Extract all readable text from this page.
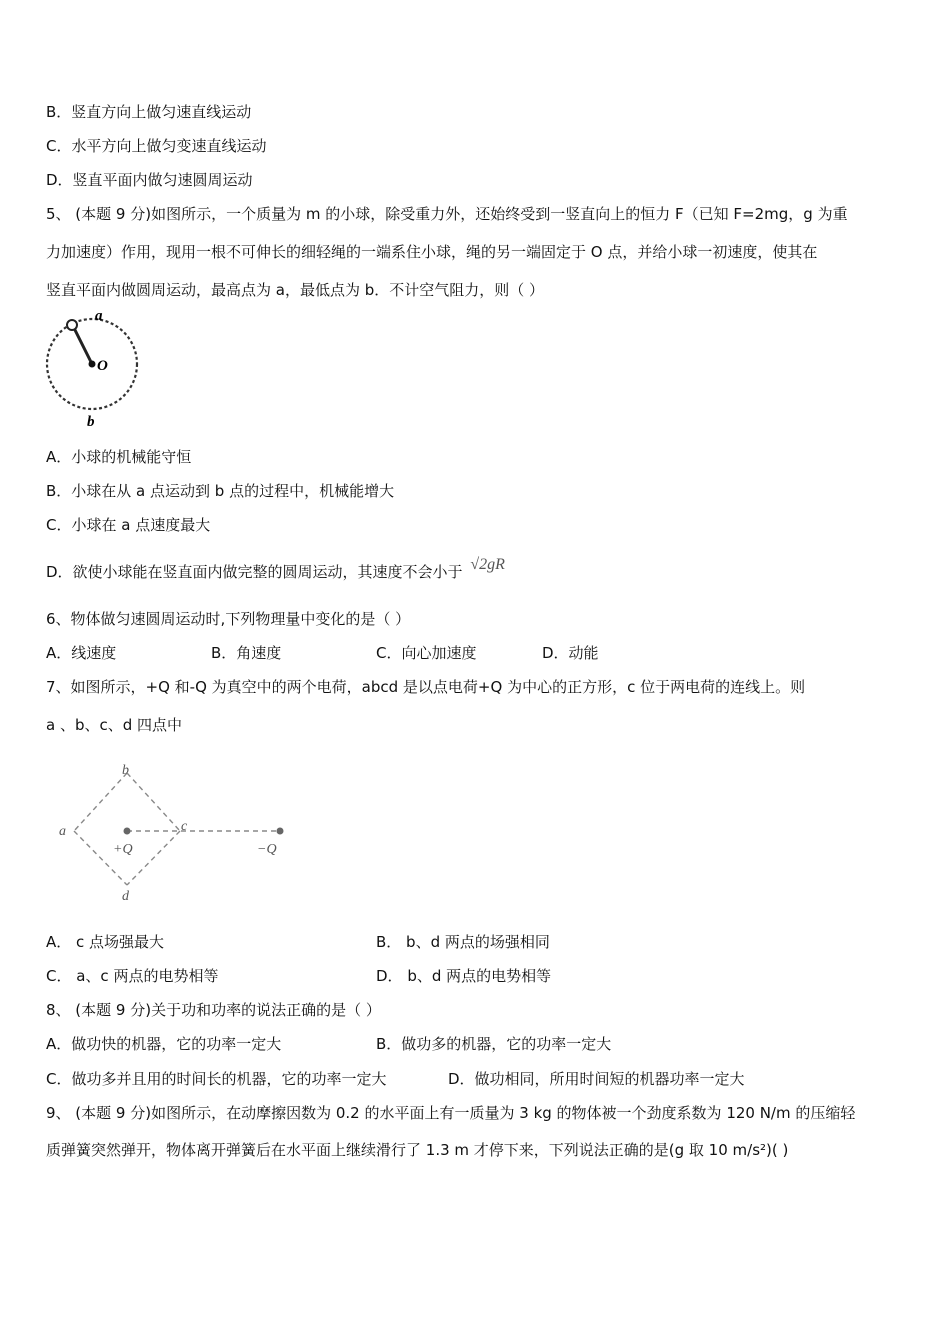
B．竖直方向上做匀速直线运动
C．水平方向上做匀变速直线运动
D．竖直平面内做匀速圆周运动
5、 (本题 9 分)如图所示，一个质量为 m 的小球，除受重力外，还始终受到一竖直向上的恒力 F（已知 F=2mg，g 为重
力加速度）作用，现用一根不可伸长的细轻绳的一端系住小球，绳的另一端固定于 O 点，并给小球一初速度，使其在
竖直平面内做圆周运动，最高点为 a，最低点为 b．不计空气阻力，则（ ）
a
O
b
A．小球的机械能守恒
B．小球在从 a 点运动到 b 点的过程中，机械能增大
C．小球在 a 点速度最大
D．欲使小球能在竖直面内做完整的圆周运动，其速度不会小于 √2gR
6、物体做匀速圆周运动时,下列物理量中变化的是（ ）
A．线速度	B．角速度	C．向心加速度	D．动能
7、如图所示，+Q 和-Q 为真空中的两个电荷，abcd 是以点电荷+Q 为中心的正方形，c 位于两电荷的连线上。则
a 、b、c、d 四点中
b
a	c
d
+Q	−Q
A． c 点场强最大	B． b、d 两点的场强相同
C． a、c 两点的电势相等	D． b、d 两点的电势相等
8、 (本题 9 分)关于功和功率的说法正确的是（ ）
A．做功快的机器，它的功率一定大	B．做功多的机器，它的功率一定大
C．做功多并且用的时间长的机器，它的功率一定大	D．做功相同，所用时间短的机器功率一定大
9、 (本题 9 分)如图所示，在动摩擦因数为 0.2 的水平面上有一质量为 3 kg 的物体被一个劲度系数为 120 N/m 的压缩轻
质弹簧突然弹开，物体离开弹簧后在水平面上继续滑行了 1.3 m 才停下来，下列说法正确的是(g 取 10 m/s²)( )
